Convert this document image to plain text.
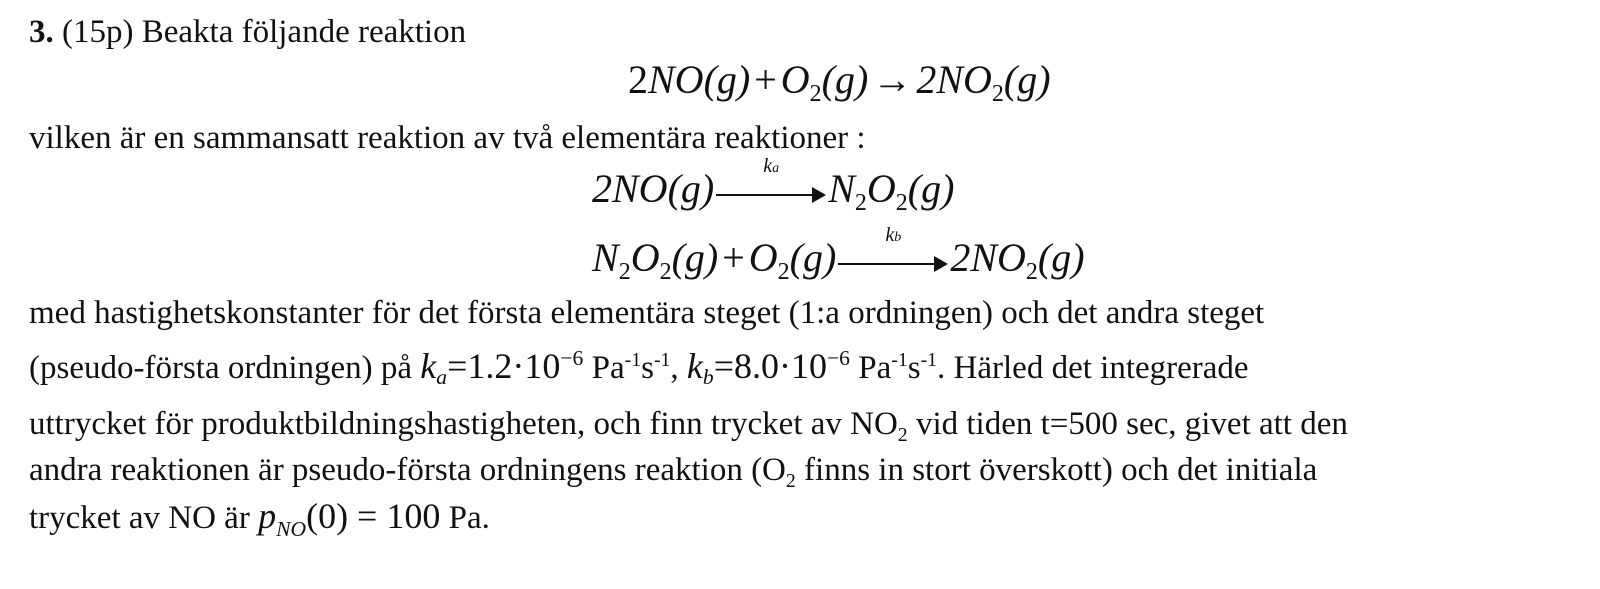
3. (15p) Beakta följande reaktion
$2NO(g) + O_2(g) \to 2NO_2(g)$
vilken är en sammansatt reaktion av två elementära reaktioner :
2NO(g)
ka	$N_2O_2(g)$
$N_2O_2(g) + O_2(g)$
kb	$2NO_2(g)$
med hastighetskonstanter för det första elementära steget (1:a ordningen) och det andra steget
(pseudo-första ordningen) på $ka=1.2\cdot 10^{-6}$ $Pa^{-1}s^{-1}$, $kb=8.0\cdot 10^{-6}$ $Pa^{-1}s^{-1}$. Härled det integrerade
uttrycket för produktbildningshastigheten, och finn trycket av $NO_2$ vid tiden t=500 sec, givet att den
andra reaktionen är pseudo-första ordningens reaktion ($O_2$ finns in stort överskott) och det initiala
trycket av NO är $p_{NO}(0) = 100$ Pa.
